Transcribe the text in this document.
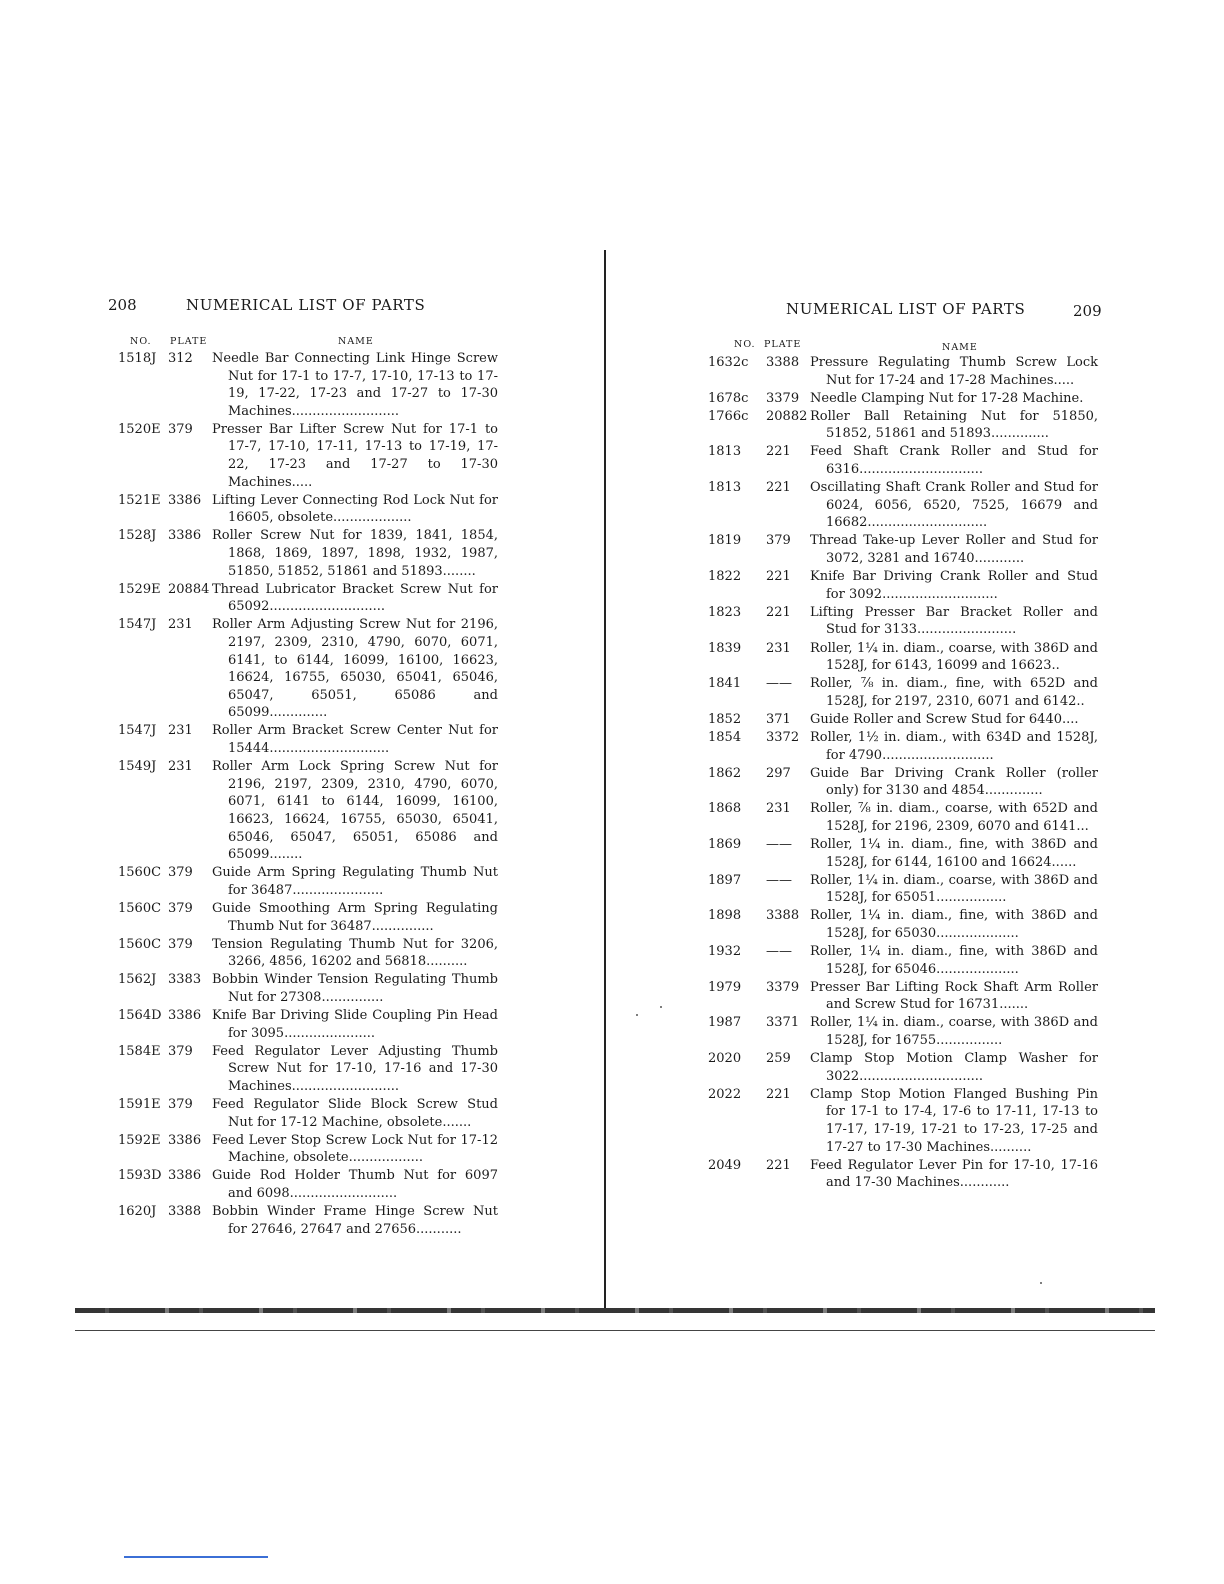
208	NUMERICAL LIST OF PARTS
NO. PLATE	NAME
1518J 312	Needle Bar Connecting Link Hinge Screw Nut for 17-1 to 17-7, 17-10, 17-13 to 17-19, 17-22, 17-23 and 17-27 to 17-30 Machines..........................
1520E 379	Presser Bar Lifter Screw Nut for 17-1 to 17-7, 17-10, 17-11, 17-13 to 17-19, 17-22, 17-23 and 17-27 to 17-30 Machines.....
1521E 3386 Lifting Lever Connecting Rod Lock Nut for 16605, obsolete...................
1528J 3386 Roller Screw Nut for 1839, 1841, 1854, 1868, 1869, 1897, 1898, 1932, 1987, 51850, 51852, 51861 and 51893........
1529E 20884 Thread Lubricator Bracket Screw Nut for 65092............................
1547J 231	Roller Arm Adjusting Screw Nut for 2196, 2197, 2309, 2310, 4790, 6070, 6071, 6141, to 6144, 16099, 16100, 16623, 16624, 16755, 65030, 65041, 65046, 65047, 65051, 65086 and 65099..............
1547J 231	Roller Arm Bracket Screw Center Nut for 15444.............................
1549J 231	Roller Arm Lock Spring Screw Nut for 2196, 2197, 2309, 2310, 4790, 6070, 6071, 6141 to 6144, 16099, 16100, 16623, 16624, 16755, 65030, 65041, 65046, 65047, 65051, 65086 and 65099........
1560C 379	Guide Arm Spring Regulating Thumb Nut for 36487......................
1560C 379	Guide Smoothing Arm Spring Regulating Thumb Nut for 36487...............
1560C 379	Tension Regulating Thumb Nut for 3206, 3266, 4856, 16202 and 56818..........
1562J 3383 Bobbin Winder Tension Regulating Thumb Nut for 27308...............
1564D 3386 Knife Bar Driving Slide Coupling Pin Head for 3095......................
1584E 379	Feed Regulator Lever Adjusting Thumb Screw Nut for 17-10, 17-16 and 17-30 Machines..........................
1591E 379	Feed Regulator Slide Block Screw Stud Nut for 17-12 Machine, obsolete.......
1592E 3386 Feed Lever Stop Screw Lock Nut for 17-12 Machine, obsolete..................
1593D 3386 Guide Rod Holder Thumb Nut for 6097 and 6098..........................
1620J 3388 Bobbin Winder Frame Hinge Screw Nut for 27646, 27647 and 27656...........
209
NUMERICAL LIST OF PARTS
NO. PLATE	NAME
1632c	3388 Pressure Regulating Thumb Screw Lock Nut for 17-24 and 17-28 Machines.....
1678c	3379 Needle Clamping Nut for 17-28 Machine.
1766c	20882 Roller Ball Retaining Nut for 51850, 51852, 51861 and 51893..............
1813	221	Feed Shaft Crank Roller and Stud for 6316..............................
1813	221	Oscillating Shaft Crank Roller and Stud for 6024, 6056, 6520, 7525, 16679 and 16682.............................
1819	379	Thread Take-up Lever Roller and Stud for 3072, 3281 and 16740............
1822	221	Knife Bar Driving Crank Roller and Stud for 3092............................
1823	221	Lifting Presser Bar Bracket Roller and Stud for 3133........................
1839	231	Roller, 1¼ in. diam., coarse, with 386D and 1528J, for 6143, 16099 and 16623..
1841	——	Roller, ⅞ in. diam., fine, with 652D and 1528J, for 2197, 2310, 6071 and 6142..
1852	371	Guide Roller and Screw Stud for 6440....
1854	3372 Roller, 1½ in. diam., with 634D and 1528J, for 4790...........................
1862	297	Guide Bar Driving Crank Roller (roller only) for 3130 and 4854..............
1868	231	Roller, ⅞ in. diam., coarse, with 652D and 1528J, for 2196, 2309, 6070 and 6141...
1869	——	Roller, 1¼ in. diam., fine, with 386D and 1528J, for 6144, 16100 and 16624......
1897	——	Roller, 1¼ in. diam., coarse, with 386D and 1528J, for 65051.................
1898	3388 Roller, 1¼ in. diam., fine, with 386D and 1528J, for 65030....................
1932	——	Roller, 1¼ in. diam., fine, with 386D and 1528J, for 65046....................
1979	3379 Presser Bar Lifting Rock Shaft Arm Roller and Screw Stud for 16731.......
1987	3371 Roller, 1¼ in. diam., coarse, with 386D and 1528J, for 16755................
2020	259	Clamp Stop Motion Clamp Washer for 3022..............................
2022	221	Clamp Stop Motion Flanged Bushing Pin for 17-1 to 17-4, 17-6 to 17-11, 17-13 to 17-17, 17-19, 17-21 to 17-23, 17-25 and 17-27 to 17-30 Machines..........
2049	221	Feed Regulator Lever Pin for 17-10, 17-16 and 17-30 Machines............
